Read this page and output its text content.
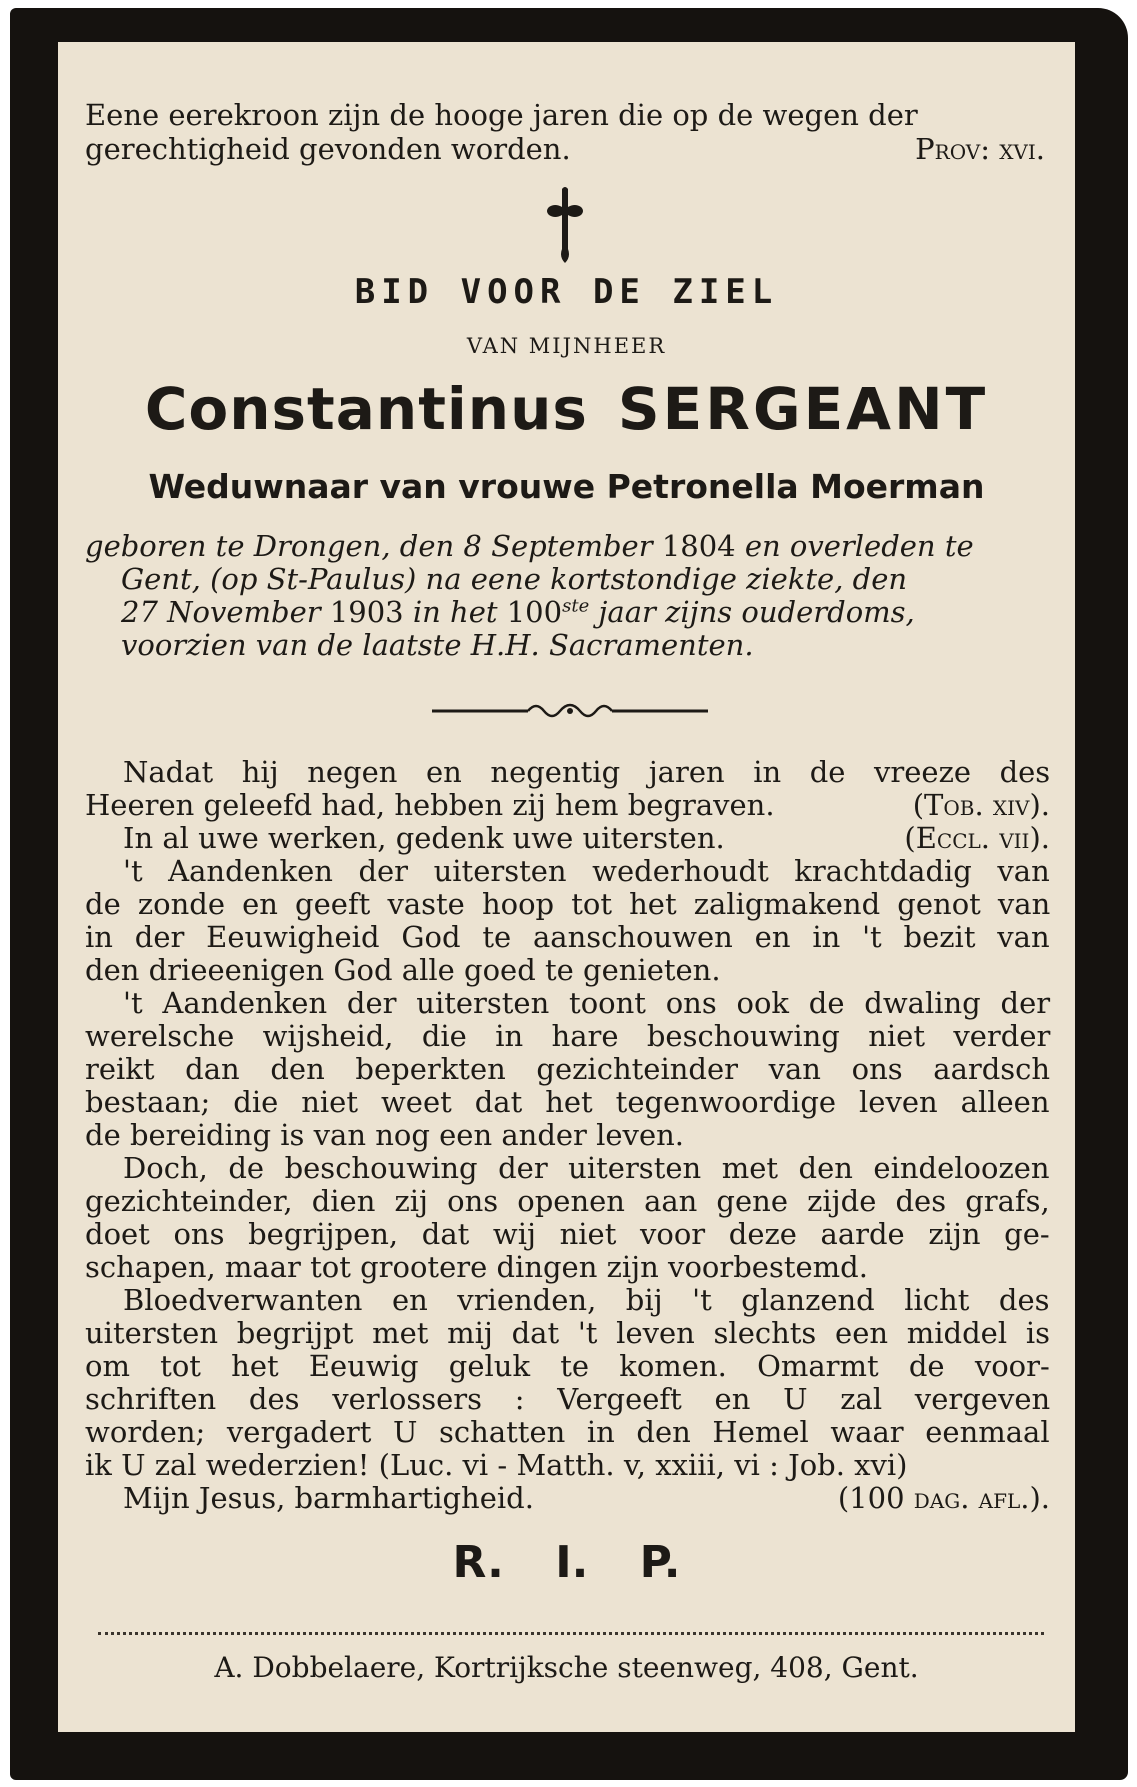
Eene eerekroon zijn de hooge jaren die op de wegen der
gerechtigheid gevonden worden.	Prov: xvi.
BID VOOR DE ZIEL
VAN MIJNHEER
Constantinus SERGEANT
Weduwnaar van vrouwe Petronella Moerman
geboren te Drongen, den 8 September 1804 en overleden te
Gent, (op St-Paulus) na eene kortstondige ziekte, den
27 November 1903 in het 100ste jaar zijns ouderdoms,
voorzien van de laatste H.H. Sacramenten.
Nadat hij negen en negentig jaren in de vreeze des
Heeren geleefd had, hebben zij hem begraven.	(Tob. xiv).
In al uwe werken, gedenk uwe uitersten.	(Eccl. vii).
't Aandenken der uitersten wederhoudt krachtdadig van
de zonde en geeft vaste hoop tot het zaligmakend genot van
in der Eeuwigheid God te aanschouwen en in 't bezit van
den drieeenigen God alle goed te genieten.
't Aandenken der uitersten toont ons ook de dwaling der
werelsche wijsheid, die in hare beschouwing niet verder
reikt dan den beperkten gezichteinder van ons aardsch
bestaan; die niet weet dat het tegenwoordige leven alleen
de bereiding is van nog een ander leven.
Doch, de beschouwing der uitersten met den eindeloozen
gezichteinder, dien zij ons openen aan gene zijde des grafs,
doet ons begrijpen, dat wij niet voor deze aarde zijn ge-
schapen, maar tot grootere dingen zijn voorbestemd.
Bloedverwanten en vrienden, bij 't glanzend licht des
uitersten begrijpt met mij dat 't leven slechts een middel is
om tot het Eeuwig geluk te komen. Omarmt de voor-
schriften des verlossers : Vergeeft en U zal vergeven
worden; vergadert U schatten in den Hemel waar eenmaal
ik U zal wederzien! (Luc. vi - Matth. v, xxiii, vi : Job. xvi)
Mijn Jesus, barmhartigheid.	(100 dag. afl.).
R. I. P.
A. Dobbelaere, Kortrijksche steenweg, 408, Gent.
